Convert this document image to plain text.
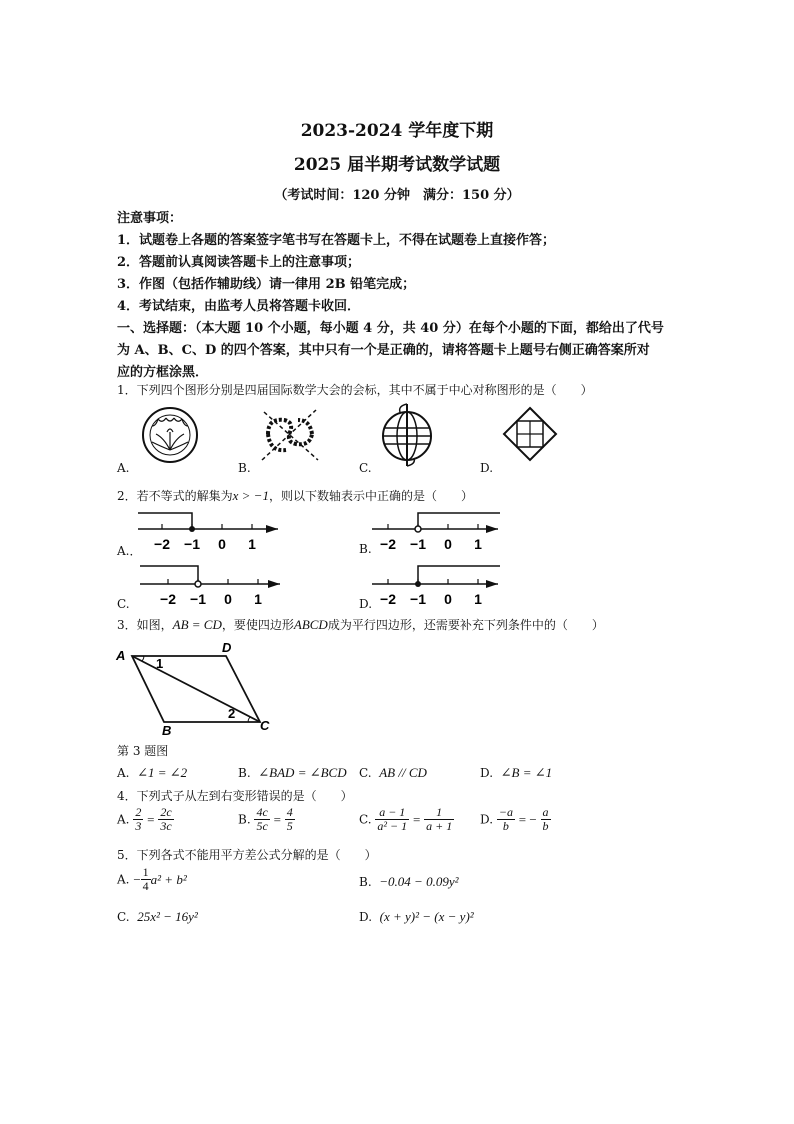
2023-2024 学年度下期
2025 届半期考试数学试题
（考试时间：120 分钟　满分：150 分）
注意事项：
1．试题卷上各题的答案签字笔书写在答题卡上，不得在试题卷上直接作答；
2．答题前认真阅读答题卡上的注意事项；
3．作图（包括作辅助线）请一律用 2B 铅笔完成；
4．考试结束，由监考人员将答题卡收回．
一、选择题：（本大题 10 个小题，每小题 4 分，共 40 分）在每个小题的下面，都给出了代号
为 A、B、C、D 的四个答案，其中只有一个是正确的，请将答题卡上题号右侧正确答案所对
应的方框涂黑．
1．下列四个图形分别是四届国际数学大会的会标，其中不属于中心对称图形的是（　　）
A.	B.	C.	D.
2．若不等式的解集为x > −1，则以下数轴表示中正确的是（　　）
A.．	B.
C.	D.
−2 −1 0 1	−2 −1 0 1
−2 −1 0 1	−2 −1 0 1
3．如图，AB = CD，要使四边形ABCD成为平行四边形，还需要补充下列条件中的（　　）
A
D
B	C
1
2
第 3 题图
A. ∠1 = ∠2	B. ∠BAD = ∠BCD C. AB // CD	D. ∠B = ∠1
4．下列式子从左到右变形错误的是（　　）
A. $\frac{2}{3} = \frac{2c}{3c}$	B. $\frac{4c}{5c} = \frac{4}{5}$	C. $\frac{a - 1}{\text{a² − 1}} = \frac{1}{a + 1} D$. $\frac{-a}{b}$ = − $\frac{a}{b}$
5．下列各式不能用平方差公式分解的是（　　）
A. − $\frac{1}{4} a^2 + b^2$	B. −0.04 − 0.09y²
C. 25x² − 16y²	D. (x + y)² − (x − y)²
